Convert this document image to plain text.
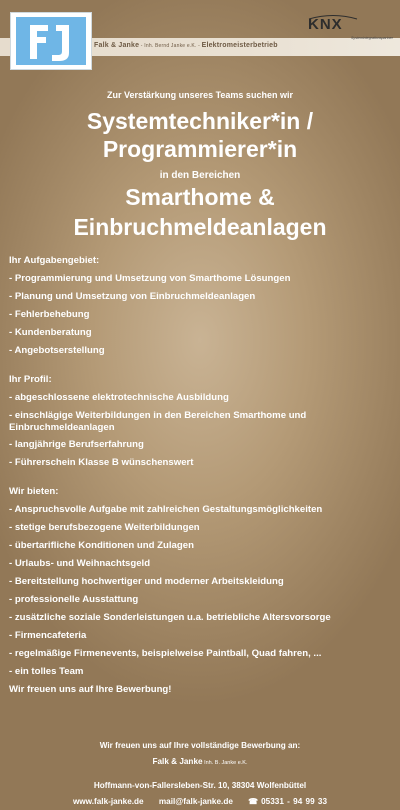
Falk & Janke - Inh. Bernd Janke e.K. - Elektromeisterbetrieb
KNX
Systemintegrationspartner
Zur Verstärkung unseres Teams suchen wir
Systemtechniker*in /
Programmierer*in
in den Bereichen
Smarthome &
Einbruchmeldeanlagen
Ihr Aufgabengebiet:
- Programmierung und Umsetzung von Smarthome Lösungen
- Planung und Umsetzung von Einbruchmeldeanlagen
- Fehlerbehebung
- Kundenberatung
- Angebotserstellung
Ihr Profil:
- abgeschlossene elektrotechnische Ausbildung
- einschlägige Weiterbildungen in den Bereichen Smarthome und Einbruchmeldeanlagen
- langjährige Berufserfahrung
- Führerschein Klasse B wünschenswert
Wir bieten:
- Anspruchsvolle Aufgabe mit zahlreichen Gestaltungsmöglichkeiten
- stetige berufsbezogene Weiterbildungen
- übertarifliche Konditionen und Zulagen
- Urlaubs- und Weihnachtsgeld
- Bereitstellung hochwertiger und moderner Arbeitskleidung
- professionelle Ausstattung
- zusätzliche soziale Sonderleistungen u.a. betriebliche Altersvorsorge
- Firmencafeteria
- regelmäßige Firmenevents, beispielweise Paintball, Quad fahren, ...
- ein tolles Team
Wir freuen uns auf Ihre Bewerbung!
Wir freuen uns auf Ihre vollständige Bewerbung an:
Falk & Janke Inh. B. Janke e.K.
Hoffmann-von-Fallersleben-Str. 10, 38304 Wolfenbüttel
www.falk-janke.de mail@falk-janke.de ☎ 05331 - 94 99 33
